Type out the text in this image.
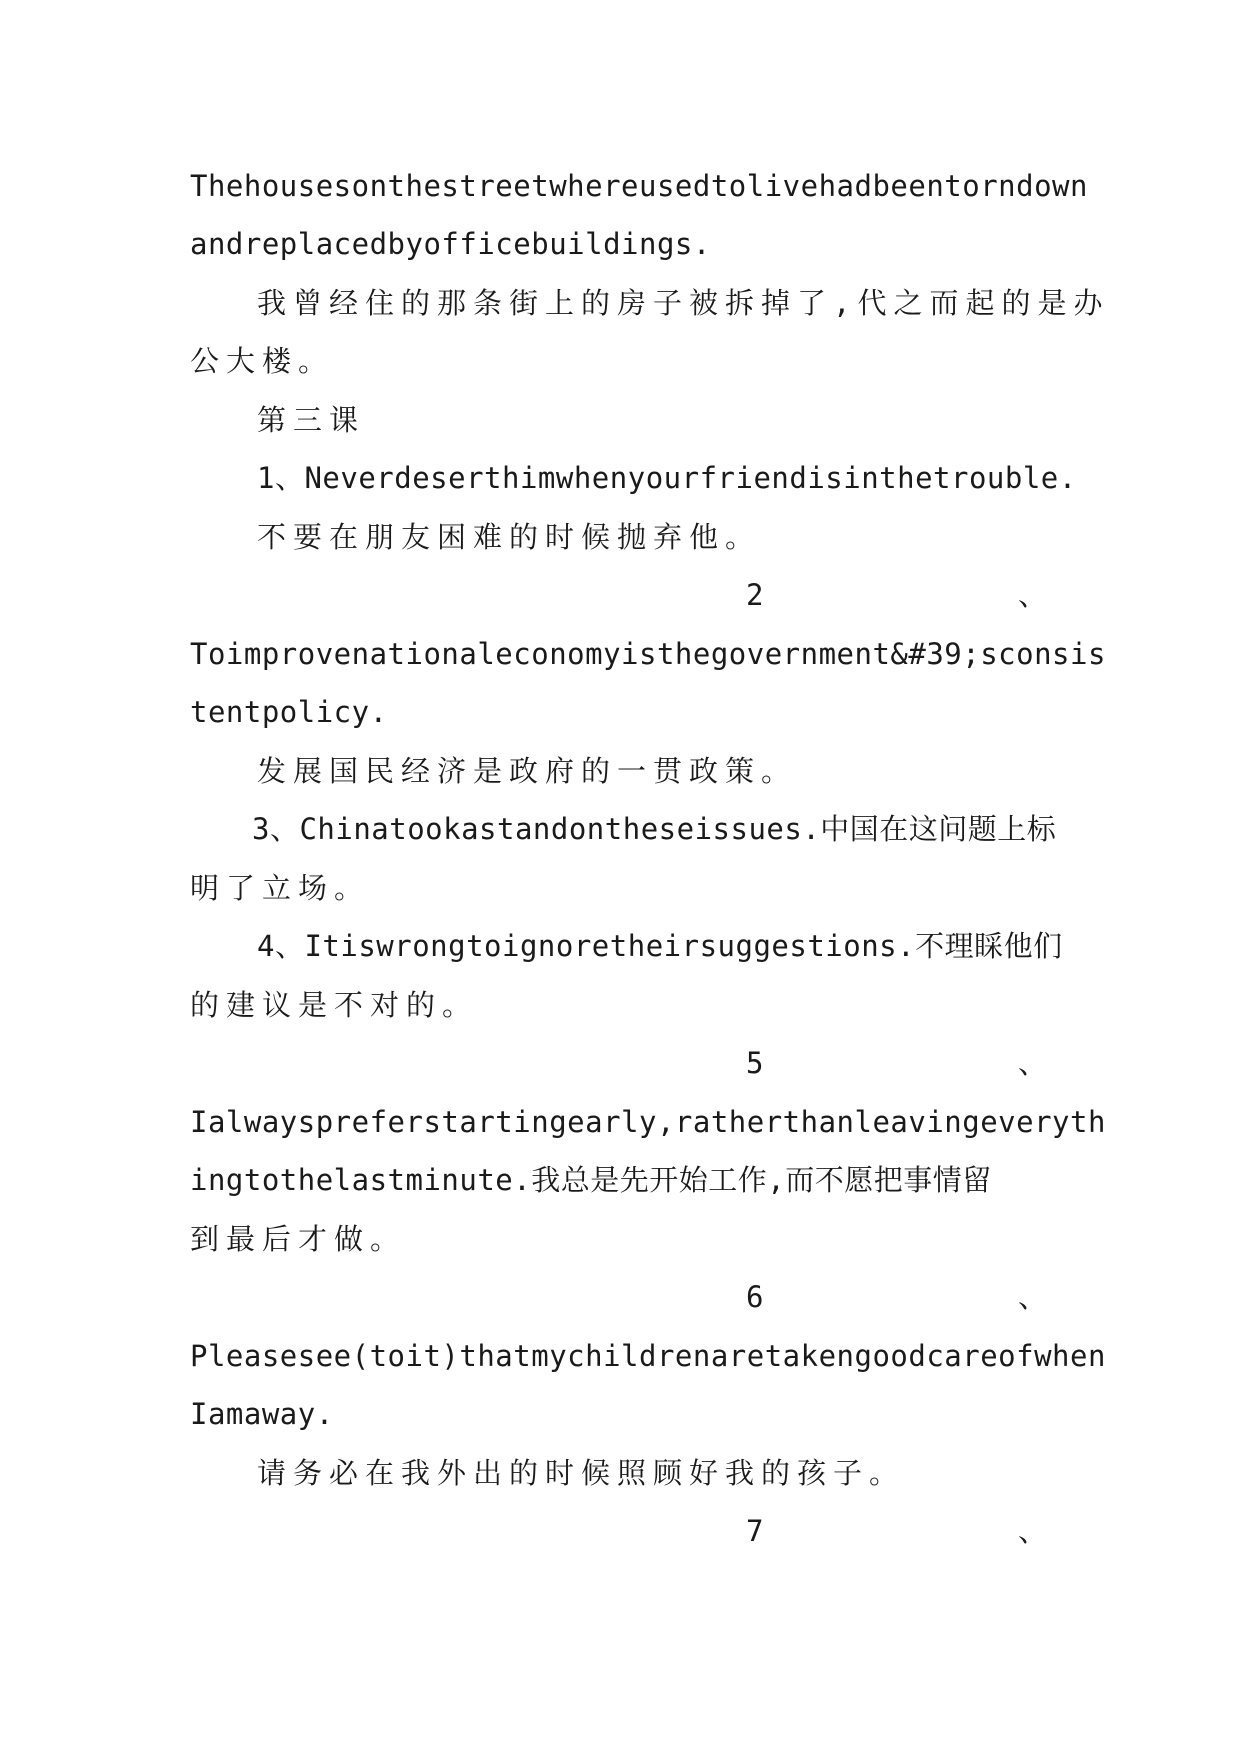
Thehousesonthestreetwhereusedtolivehadbeentorndown
andreplacedbyofficebuildings.
我曾经住的那条街上的房子被拆掉了,代之而起的是办
公大楼。
第三课
1、Neverdeserthimwhenyourfriendisinthetrouble.
不要在朋友困难的时候抛弃他。
2	、
Toimprovenationaleconomyisthegovernment&#39;sconsis
tentpolicy.
发展国民经济是政府的一贯政策。
3、Chinatookastandontheseissues.中国在这问题上标
明了立场。
4、Itiswrongtoignoretheirsuggestions.不理睬他们
的建议是不对的。
5	、
Ialwayspreferstartingearly,ratherthanleavingeveryth
ingtothelastminute.我总是先开始工作,而不愿把事情留
到最后才做。
6	、
Pleasesee(toit)thatmychildrenaretakengoodcareofwhen
Iamaway.
请务必在我外出的时候照顾好我的孩子。
7	、
